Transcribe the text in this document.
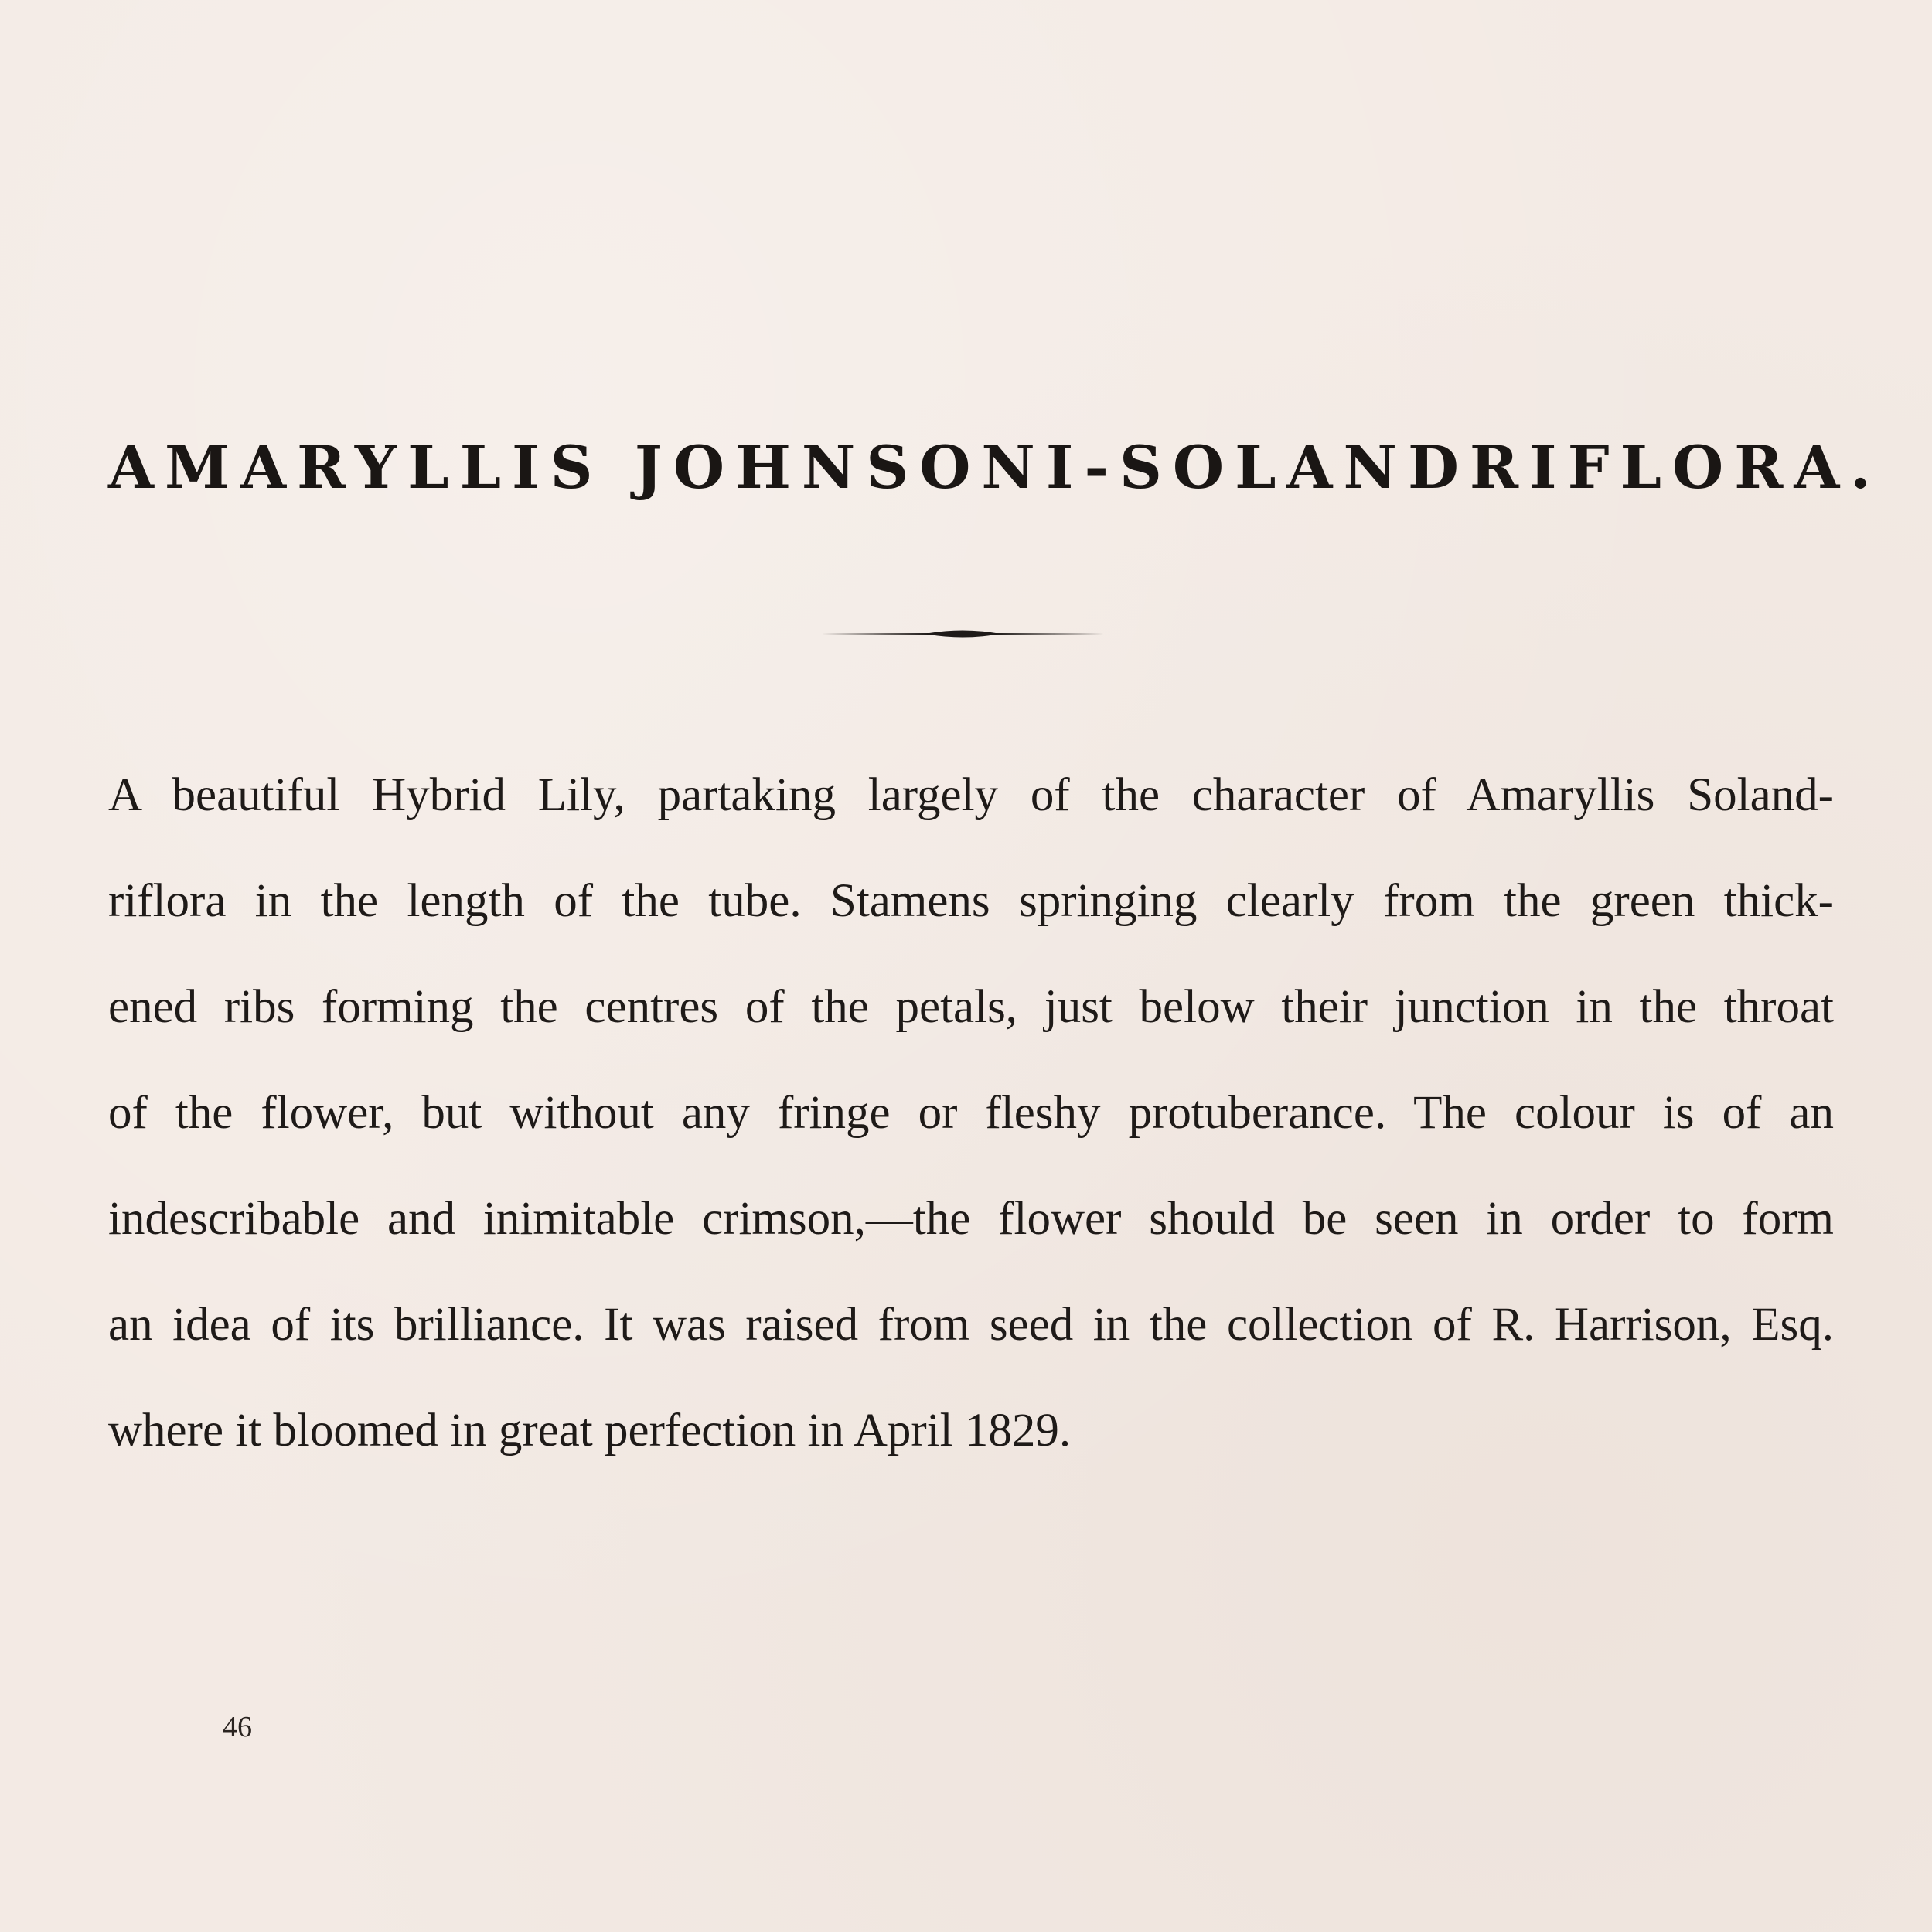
AMARYLLIS JOHNSONI-SOLANDRIFLORA.
A beautiful Hybrid Lily, partaking largely of the character of Amaryllis Soland-
riflora in the length of the tube. Stamens springing clearly from the green thick-
ened ribs forming the centres of the petals, just below their junction in the throat
of the flower, but without any fringe or fleshy protuberance. The colour is of an
indescribable and inimitable crimson,—the flower should be seen in order to form
an idea of its brilliance. It was raised from seed in the collection of R. Harrison, Esq.
where it bloomed in great perfection in April 1829.
46
